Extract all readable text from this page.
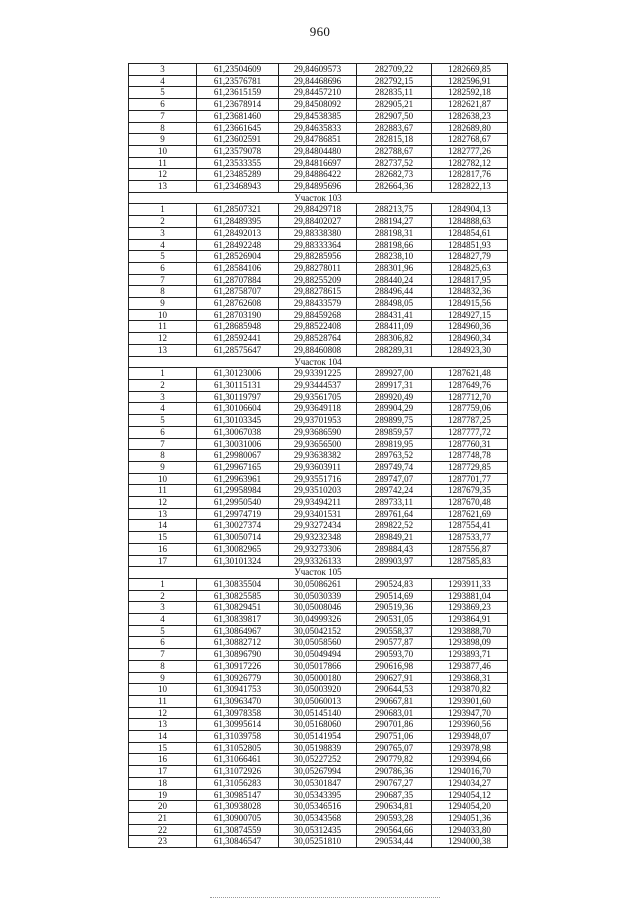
960
3	61,23504609	29,84609573	282709,22	1282669,85
4	61,23576781	29,84468696	282792,15	1282596,91
5	61,23615159	29,84457210	282835,11	1282592,18
6	61,23678914	29,84508092	282905,21	1282621,87
7	61,23681460	29,84538385	282907,50	1282638,23
8	61,23661645	29,84635833	282883,67	1282689,80
9	61,23602591	29,84786851	282815,18	1282768,67
10	61,23579078	29,84804480	282788,67	1282777,26
11	61,23533355	29,84816697	282737,52	1282782,12
12	61,23485289	29,84886422	282682,73	1282817,76
13	61,23468943	29,84895696	282664,36	1282822,13
Участок 103				
1	61,28507321	29,88429718	288213,75	1284904,13
2	61,28489395	29,88402027	288194,27	1284888,63
3	61,28492013	29,88338380	288198,31	1284854,61
4	61,28492248	29,88333364	288198,66	1284851,93
5	61,28526904	29,88285956	288238,10	1284827,79
6	61,28584106	29,88278011	288301,96	1284825,63
7	61,28707884	29,88255209	288440,24	1284817,95
8	61,28758707	29,88278615	288496,44	1284832,36
9	61,28762608	29,88433579	288498,05	1284915,56
10	61,28703190	29,88459268	288431,41	1284927,15
11	61,28685948	29,88522408	288411,09	1284960,36
12	61,28592441	29,88528764	288306,82	1284960,34
13	61,28575647	29,88460808	288289,31	1284923,30
Участок 104				
1	61,30123006	29,93391225	289927,00	1287621,48
2	61,30115131	29,93444537	289917,31	1287649,76
3	61,30119797	29,93561705	289920,49	1287712,70
4	61,30106604	29,93649118	289904,29	1287759,06
5	61,30103345	29,93701953	289899,75	1287787,25
6	61,30067038	29,93686590	289859,57	1287777,72
7	61,30031006	29,93656500	289819,95	1287760,31
8	61,29980067	29,93638382	289763,52	1287748,78
9	61,29967165	29,93603911	289749,74	1287729,85
10	61,29963961	29,93551716	289747,07	1287701,77
11	61,29958984	29,93510203	289742,24	1287679,35
12	61,29950540	29,93494211	289733,11	1287670,48
13	61,29974719	29,93401531	289761,64	1287621,69
14	61,30027374	29,93272434	289822,52	1287554,41
15	61,30050714	29,93232348	289849,21	1287533,77
16	61,30082965	29,93273306	289884,43	1287556,87
17	61,30101324	29,93326133	289903,97	1287585,83
Участок 105				
1	61,30835504	30,05086261	290524,83	1293911,33
2	61,30825585	30,05030339	290514,69	1293881,04
3	61,30829451	30,05008046	290519,36	1293869,23
4	61,30839817	30,04999326	290531,05	1293864,91
5	61,30864967	30,05042152	290558,37	1293888,70
6	61,30882712	30,05058560	290577,87	1293898,09
7	61,30896790	30,05049494	290593,70	1293893,71
8	61,30917226	30,05017866	290616,98	1293877,46
9	61,30926779	30,05000180	290627,91	1293868,31
10	61,30941753	30,05003920	290644,53	1293870,82
11	61,30963470	30,05060013	290667,81	1293901,60
12	61,30978358	30,05145140	290683,01	1293947,70
13	61,30995614	30,05168060	290701,86	1293960,56
14	61,31039758	30,05141954	290751,06	1293948,07
15	61,31052805	30,05198839	290765,07	1293978,98
16	61,31066461	30,05227252	290779,82	1293994,66
17	61,31072926	30,05267994	290786,36	1294016,70
18	61,31056283	30,05301847	290767,27	1294034,27
19	61,30985147	30,05343395	290687,35	1294054,12
20	61,30938028	30,05346516	290634,81	1294054,20
21	61,30900705	30,05343568	290593,28	1294051,36
22	61,30874559	30,05312435	290564,66	1294033,80
23	61,30846547	30,05251810	290534,44	1294000,38
